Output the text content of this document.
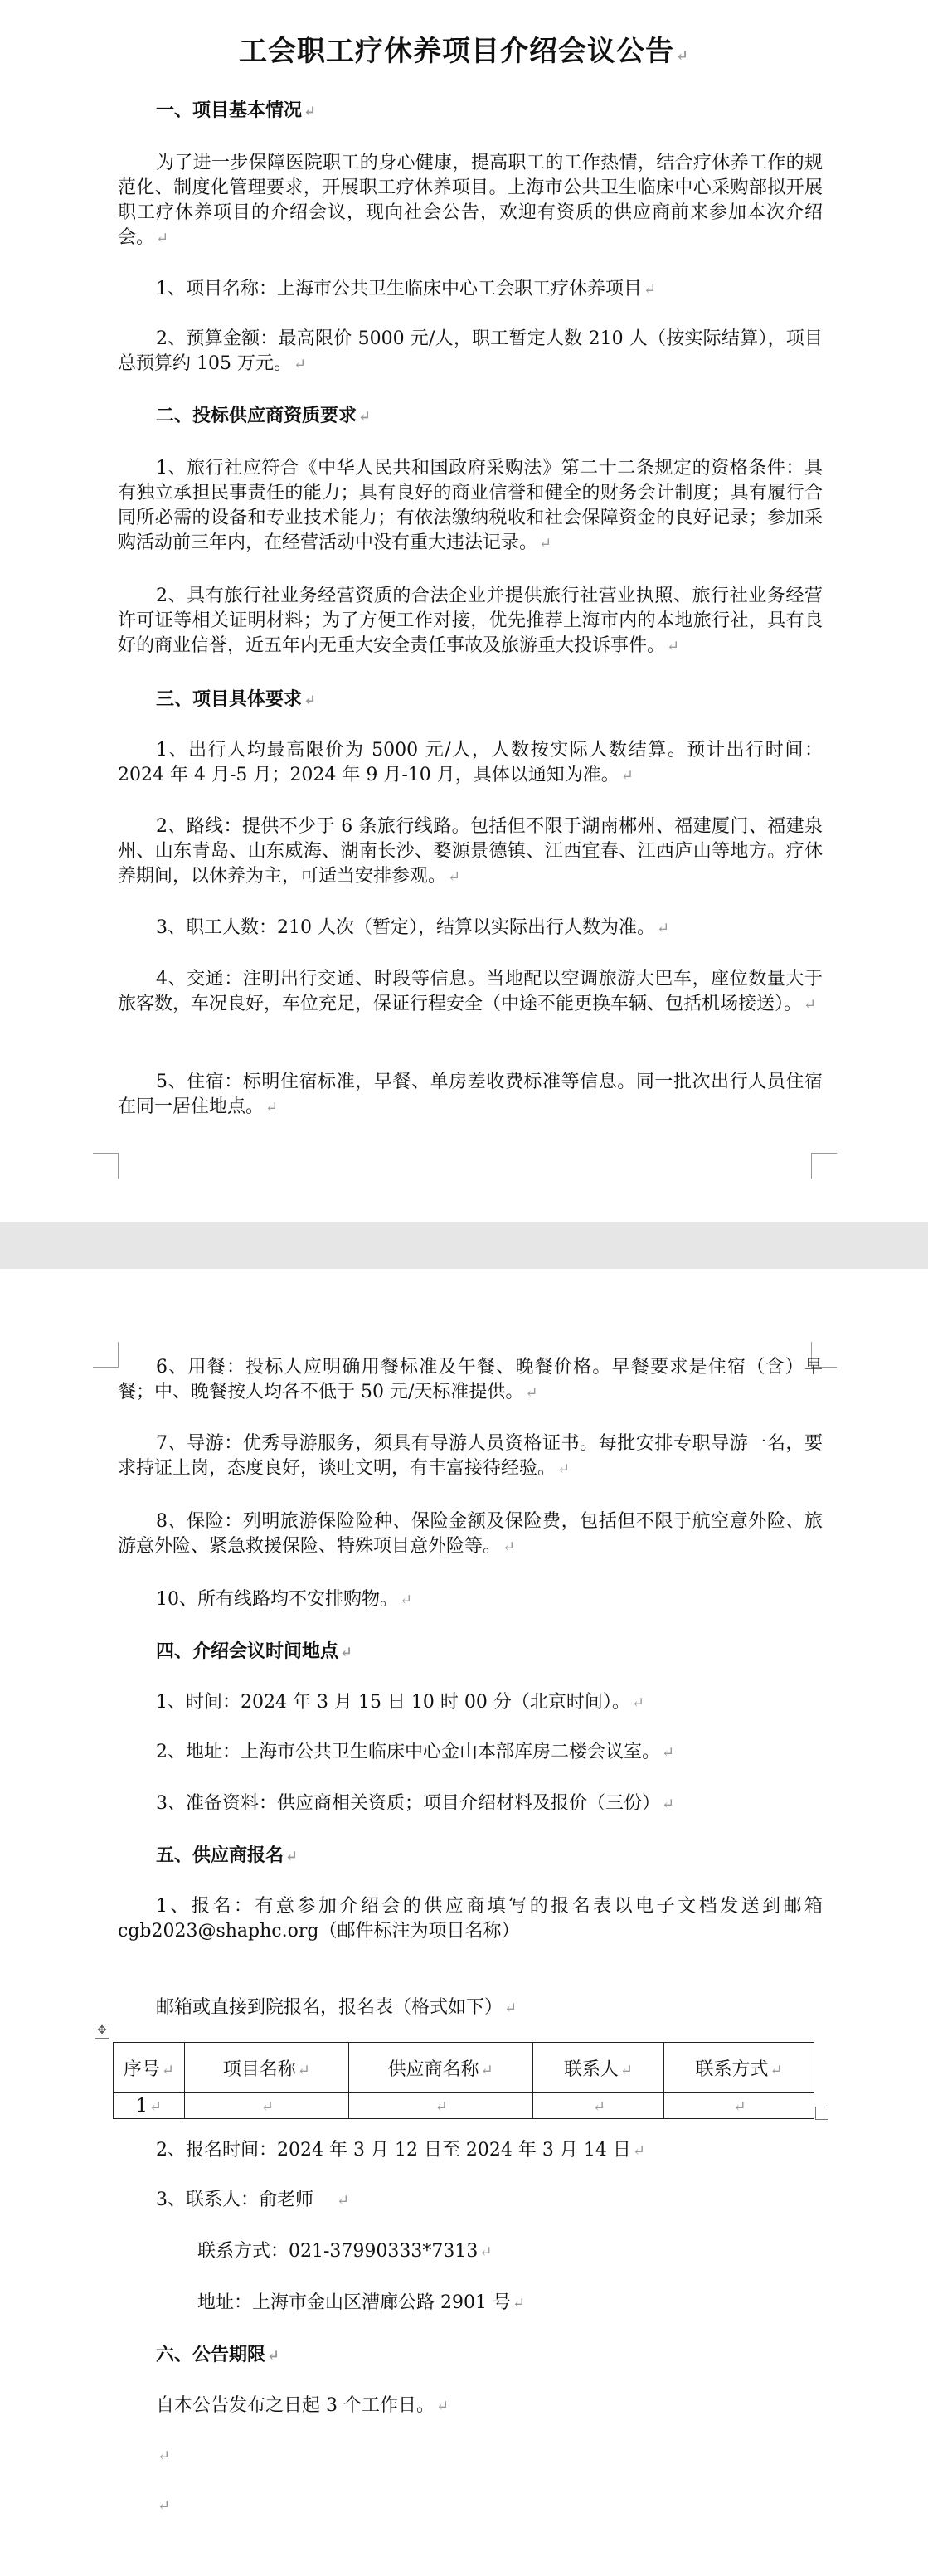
工会职工疗休养项目介绍会议公告 ↵

一、项目基本情况 ↵

为了进一步保障医院职工的身心健康，提高职工的工作热情，结合疗休养工作的规范化、制度化管理要求，开展职工疗休养项目。上海市公共卫生临床中心采购部拟开展职工疗休养项目的介绍会议，现向社会公告，欢迎有资质的供应商前来参加本次介绍会。 ↵

1、项目名称：上海市公共卫生临床中心工会职工疗休养项目 ↵

2、预算金额：最高限价 5000 元/人，职工暂定人数 210 人（按实际结算），项目总预算约 105 万元。 ↵

二、投标供应商资质要求 ↵

1、旅行社应符合《中华人民共和国政府采购法》第二十二条规定的资格条件：具有独立承担民事责任的能力；具有良好的商业信誉和健全的财务会计制度；具有履行合同所必需的设备和专业技术能力；有依法缴纳税收和社会保障资金的良好记录；参加采购活动前三年内，在经营活动中没有重大违法记录。 ↵

2、具有旅行社业务经营资质的合法企业并提供旅行社营业执照、旅行社业务经营许可证等相关证明材料；为了方便工作对接，优先推荐上海市内的本地旅行社，具有良好的商业信誉，近五年内无重大安全责任事故及旅游重大投诉事件。 ↵

三、项目具体要求 ↵

1、出行人均最高限价为 5000 元/人，人数按实际人数结算。预计出行时间：2024 年 4 月-5 月；2024 年 9 月-10 月，具体以通知为准。 ↵

2、路线：提供不少于 6 条旅行线路。包括但不限于湖南郴州、福建厦门、福建泉州、山东青岛、山东威海、湖南长沙、婺源景德镇、江西宜春、江西庐山等地方。疗休养期间，以休养为主，可适当安排参观。 ↵

3、职工人数：210 人次（暂定），结算以实际出行人数为准。 ↵

4、交通：注明出行交通、时段等信息。当地配以空调旅游大巴车，座位数量大于旅客数，车况良好，车位充足，保证行程安全（中途不能更换车辆、包括机场接送）。 ↵

5、住宿：标明住宿标准，早餐、单房差收费标准等信息。同一批次出行人员住宿在同一居住地点。 ↵

6、用餐：投标人应明确用餐标准及午餐、晚餐价格。早餐要求是住宿（含）早餐；中、晚餐按人均各不低于 50 元/天标准提供。 ↵

7、导游：优秀导游服务，须具有导游人员资格证书。每批安排专职导游一名，要求持证上岗，态度良好，谈吐文明，有丰富接待经验。 ↵

8、保险：列明旅游保险险种、保险金额及保险费，包括但不限于航空意外险、旅游意外险、紧急救援保险、特殊项目意外险等。 ↵

10、所有线路均不安排购物。 ↵

四、介绍会议时间地点 ↵

1、时间：2024 年 3 月 15 日 10 时 00 分（北京时间）。 ↵

2、地址：上海市公共卫生临床中心金山本部库房二楼会议室。 ↵

3、准备资料：供应商相关资质；项目介绍材料及报价（三份） ↵

五、供应商报名 ↵

1、报名：有意参加介绍会的供应商填写的报名表以电子文档发送到邮箱 cgb2023@shaphc.org（邮件标注为项目名称）

邮箱或直接到院报名，报名表（格式如下） ↵

✥
序号 ↵	项目名称 ↵	供应商名称 ↵	联系人 ↵	联系方式 ↵
1 ↵	↵	↵	↵	↵

2、报名时间：2024 年 3 月 12 日至 2024 年 3 月 14 日 ↵

3、联系人：俞老师 ↵

联系方式：021-37990333*7313 ↵

地址：上海市金山区漕廊公路 2901 号 ↵

六、公告期限 ↵

自本公告发布之日起 3 个工作日。 ↵

↵

↵
